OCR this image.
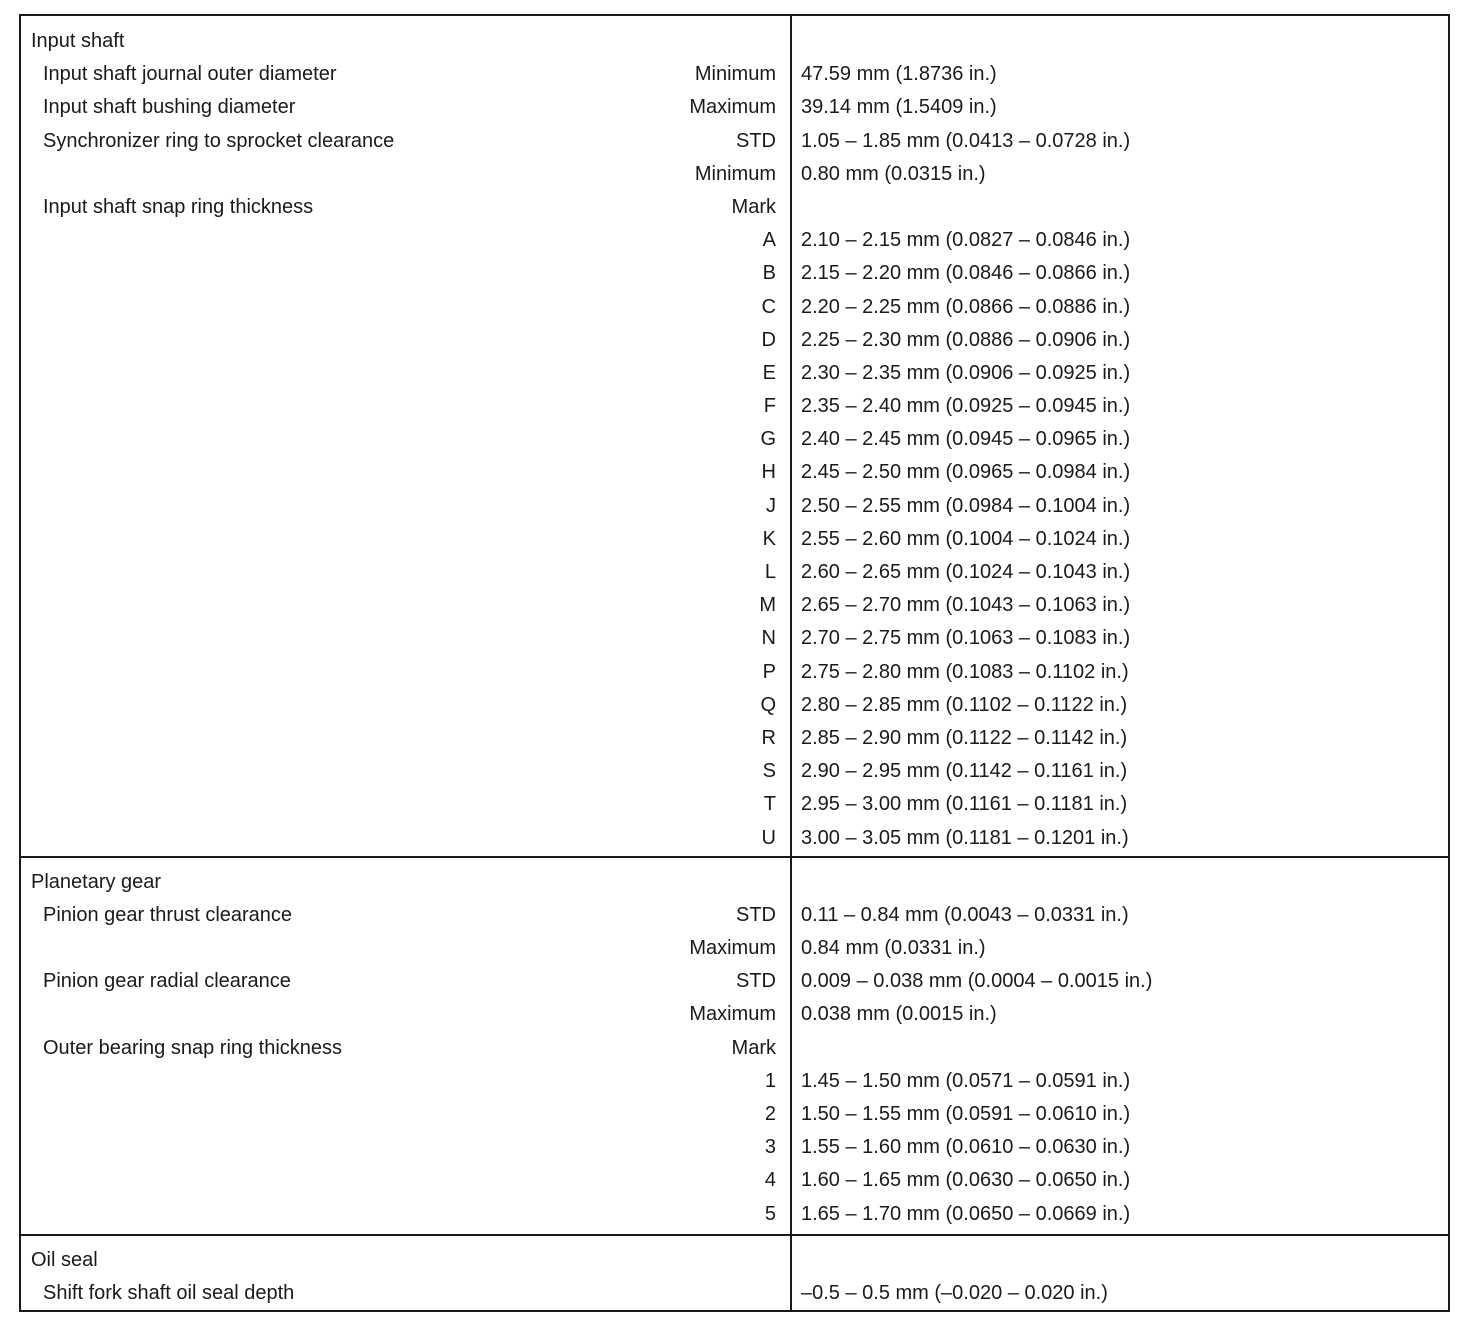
Input shaft
Input shaft journal outer diameter	Minimum 47.59 mm (1.8736 in.)
Input shaft bushing diameter	Maximum 39.14 mm (1.5409 in.)
Synchronizer ring to sprocket clearance	STD 1.05 – 1.85 mm (0.0413 – 0.0728 in.)
Minimum 0.80 mm (0.0315 in.)
Input shaft snap ring thickness	Mark
A 2.10 – 2.15 mm (0.0827 – 0.0846 in.)
B 2.15 – 2.20 mm (0.0846 – 0.0866 in.)
C 2.20 – 2.25 mm (0.0866 – 0.0886 in.)
D 2.25 – 2.30 mm (0.0886 – 0.0906 in.)
E 2.30 – 2.35 mm (0.0906 – 0.0925 in.)
F 2.35 – 2.40 mm (0.0925 – 0.0945 in.)
G 2.40 – 2.45 mm (0.0945 – 0.0965 in.)
H 2.45 – 2.50 mm (0.0965 – 0.0984 in.)
J 2.50 – 2.55 mm (0.0984 – 0.1004 in.)
K 2.55 – 2.60 mm (0.1004 – 0.1024 in.)
L 2.60 – 2.65 mm (0.1024 – 0.1043 in.)
M 2.65 – 2.70 mm (0.1043 – 0.1063 in.)
N 2.70 – 2.75 mm (0.1063 – 0.1083 in.)
P 2.75 – 2.80 mm (0.1083 – 0.1102 in.)
Q 2.80 – 2.85 mm (0.1102 – 0.1122 in.)
R 2.85 – 2.90 mm (0.1122 – 0.1142 in.)
S 2.90 – 2.95 mm (0.1142 – 0.1161 in.)
T 2.95 – 3.00 mm (0.1161 – 0.1181 in.)
U 3.00 – 3.05 mm (0.1181 – 0.1201 in.)
Planetary gear
Pinion gear thrust clearance	STD 0.11 – 0.84 mm (0.0043 – 0.0331 in.)
Maximum 0.84 mm (0.0331 in.)
Pinion gear radial clearance	STD 0.009 – 0.038 mm (0.0004 – 0.0015 in.)
Maximum 0.038 mm (0.0015 in.)
Outer bearing snap ring thickness	Mark
1 1.45 – 1.50 mm (0.0571 – 0.0591 in.)
2 1.50 – 1.55 mm (0.0591 – 0.0610 in.)
3 1.55 – 1.60 mm (0.0610 – 0.0630 in.)
4 1.60 – 1.65 mm (0.0630 – 0.0650 in.)
5 1.65 – 1.70 mm (0.0650 – 0.0669 in.)
Oil seal
Shift fork shaft oil seal depth	–0.5 – 0.5 mm (–0.020 – 0.020 in.)
